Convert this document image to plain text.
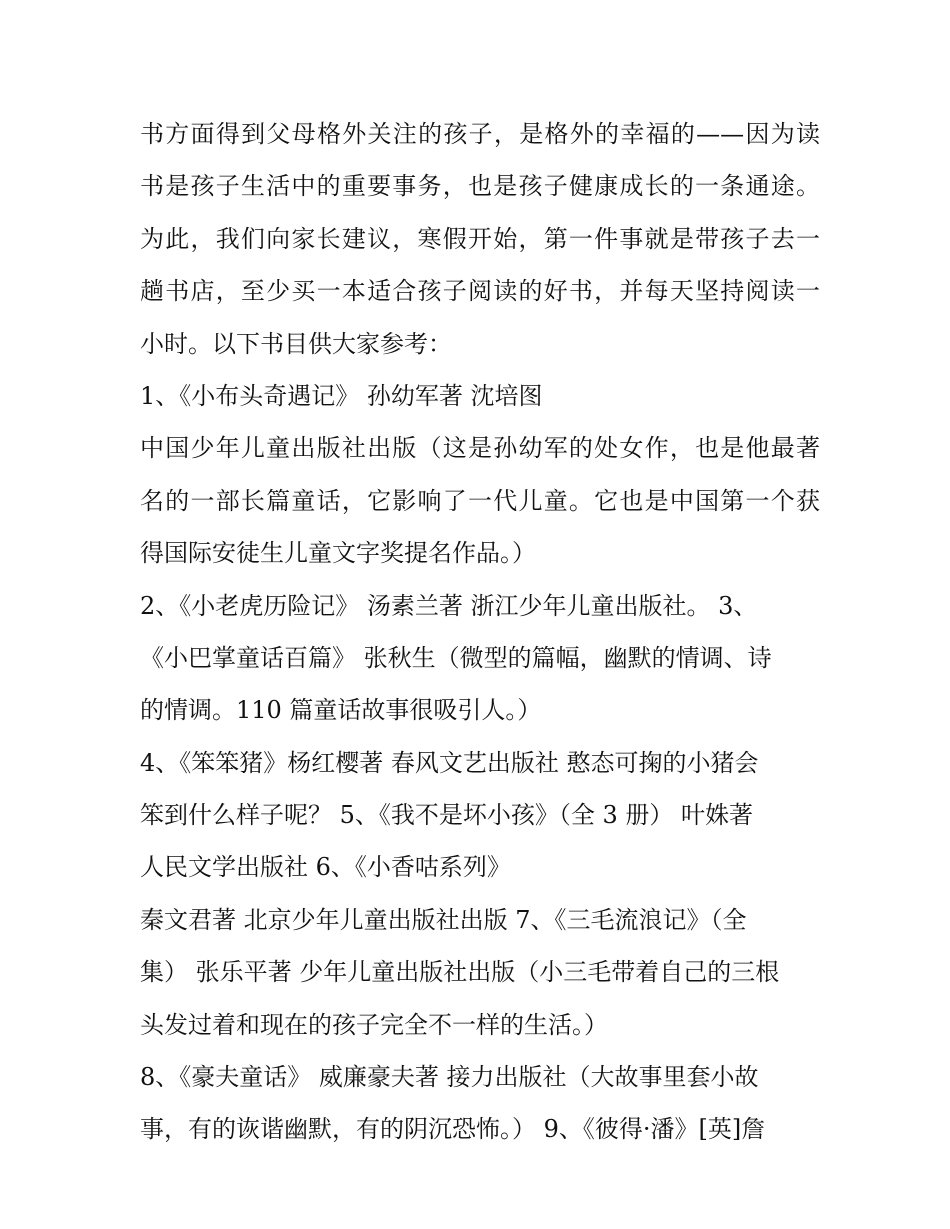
书方面得到父母格外关注的孩子，是格外的幸福的——因为读
书是孩子生活中的重要事务，也是孩子健康成长的一条通途。
为此，我们向家长建议，寒假开始，第一件事就是带孩子去一
趟书店，至少买一本适合孩子阅读的好书，并每天坚持阅读一
小时。以下书目供大家参考：
1、《小布头奇遇记》 孙幼军著 沈培图
中国少年儿童出版社出版（这是孙幼军的处女作，也是他最著
名的一部长篇童话，它影响了一代儿童。它也是中国第一个获
得国际安徒生儿童文字奖提名作品。）
2、《小老虎历险记》 汤素兰著 浙江少年儿童出版社。 3、
《小巴掌童话百篇》 张秋生（微型的篇幅，幽默的情调、诗
的情调。110 篇童话故事很吸引人。）
4、《笨笨猪》杨红樱著 春风文艺出版社 憨态可掬的小猪会
笨到什么样子呢？ 5、《我不是坏小孩》（全 3 册） 叶姝著
人民文学出版社 6、《小香咕系列》
秦文君著 北京少年儿童出版社出版 7、《三毛流浪记》（全
集） 张乐平著 少年儿童出版社出版（小三毛带着自己的三根
头发过着和现在的孩子完全不一样的生活。）
8、《豪夫童话》 威廉豪夫著 接力出版社（大故事里套小故
事，有的诙谐幽默，有的阴沉恐怖。） 9、《彼得·潘》[英]詹
